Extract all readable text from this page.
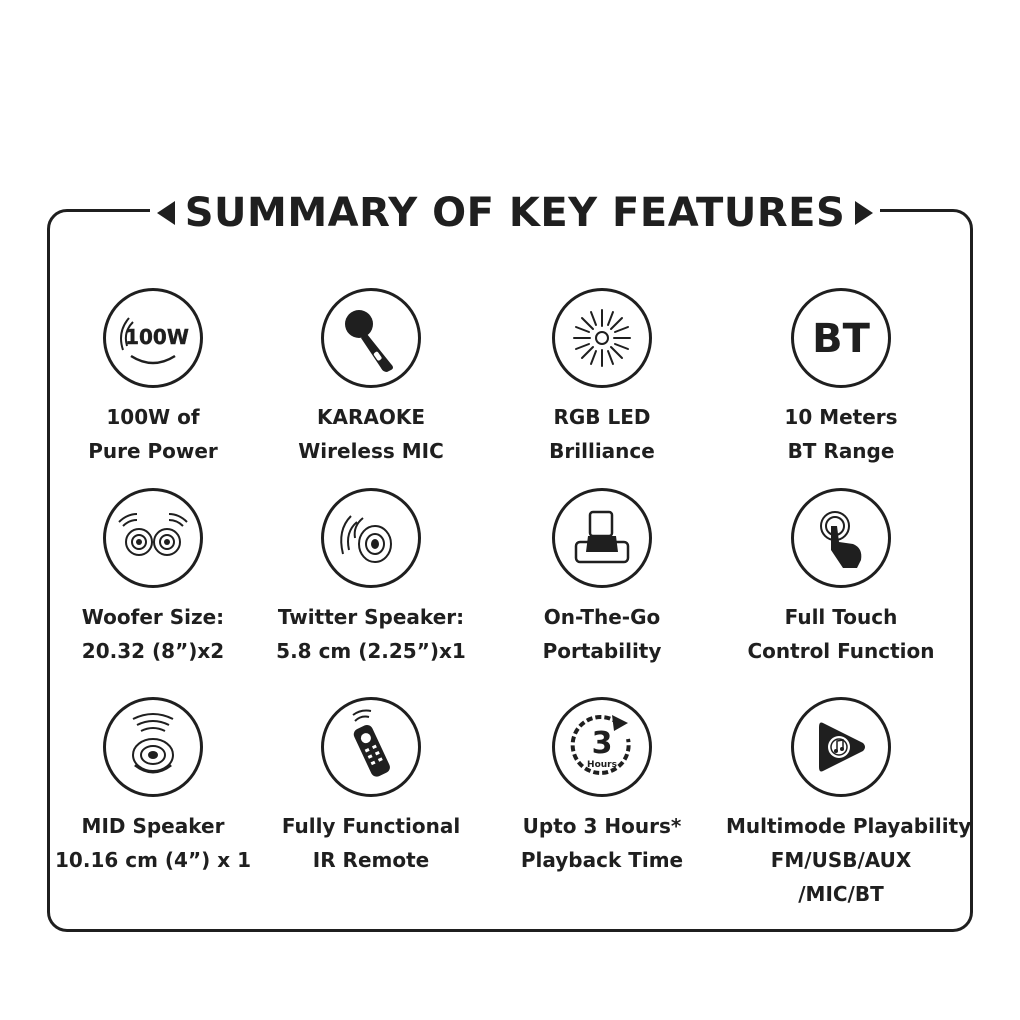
SUMMARY OF KEY FEATURES
100W
100W of
Pure Power
KARAOKE
Wireless MIC
RGB LED
Brilliance
BT
10 Meters
BT Range
Woofer Size:
20.32 (8”)x2
Twitter Speaker:
5.8 cm (2.25”)x1
On-The-Go
Portability
Full Touch
Control Function
MID Speaker
10.16 cm (4”) x 1
Fully Functional
IR Remote
3
Hours
Upto 3 Hours*
Playback Time
Multimode Playability
FM/USB/AUX
/MIC/BT
